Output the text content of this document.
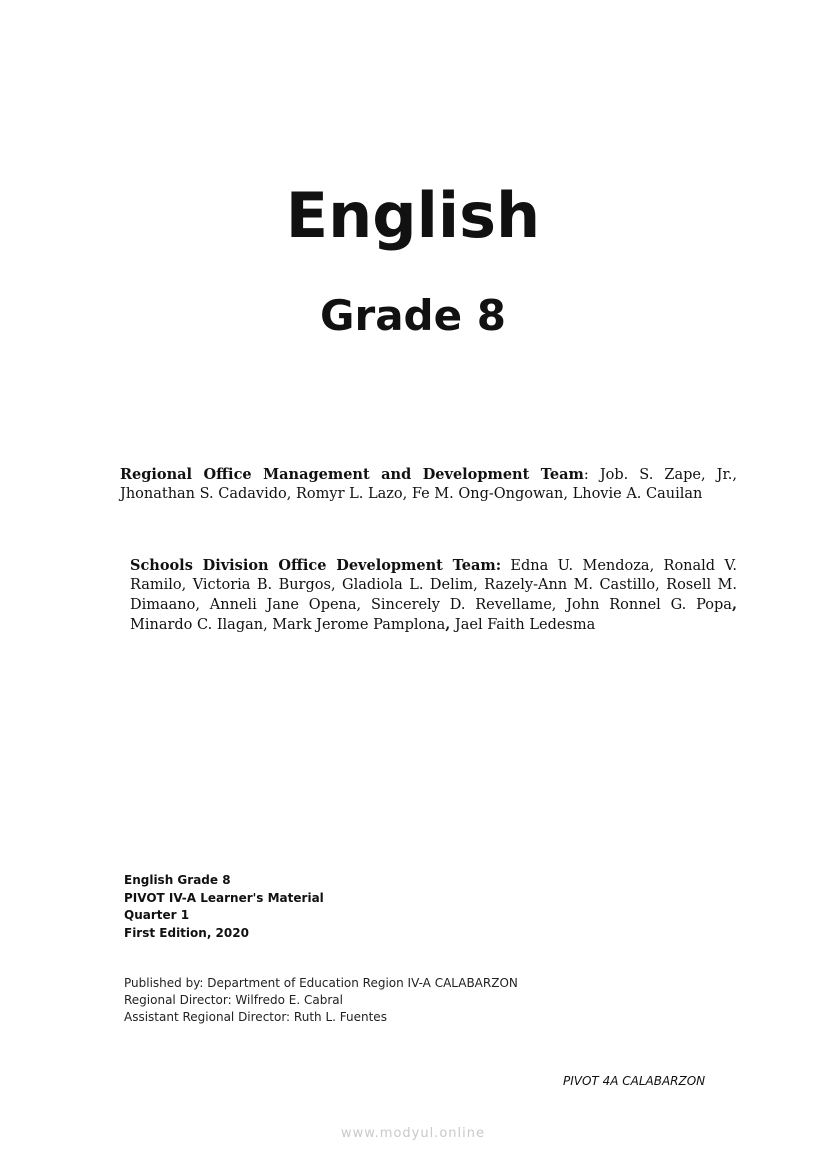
English
Grade 8
Regional Office Management and Development Team: Job. S. Zape, Jr., Jhonathan S. Cadavido, Romyr L. Lazo, Fe M. Ong-Ongowan, Lhovie A. Cauilan
Schools Division Office Development Team: Edna U. Mendoza, Ronald V. Ramilo, Victoria B. Burgos, Gladiola L. Delim, Razely-Ann M. Castillo, Rosell M. Dimaano, Anneli Jane Opena, Sincerely D. Revellame, John Ronnel G. Popa, Minardo C. Ilagan, Mark Jerome Pamplona, Jael Faith Ledesma
English Grade 8
PIVOT IV-A Learner's Material
Quarter 1
First Edition, 2020
Published by: Department of Education Region IV-A CALABARZON
Regional Director: Wilfredo E. Cabral
Assistant Regional Director: Ruth L. Fuentes
PIVOT 4A CALABARZON
www.modyul.online
